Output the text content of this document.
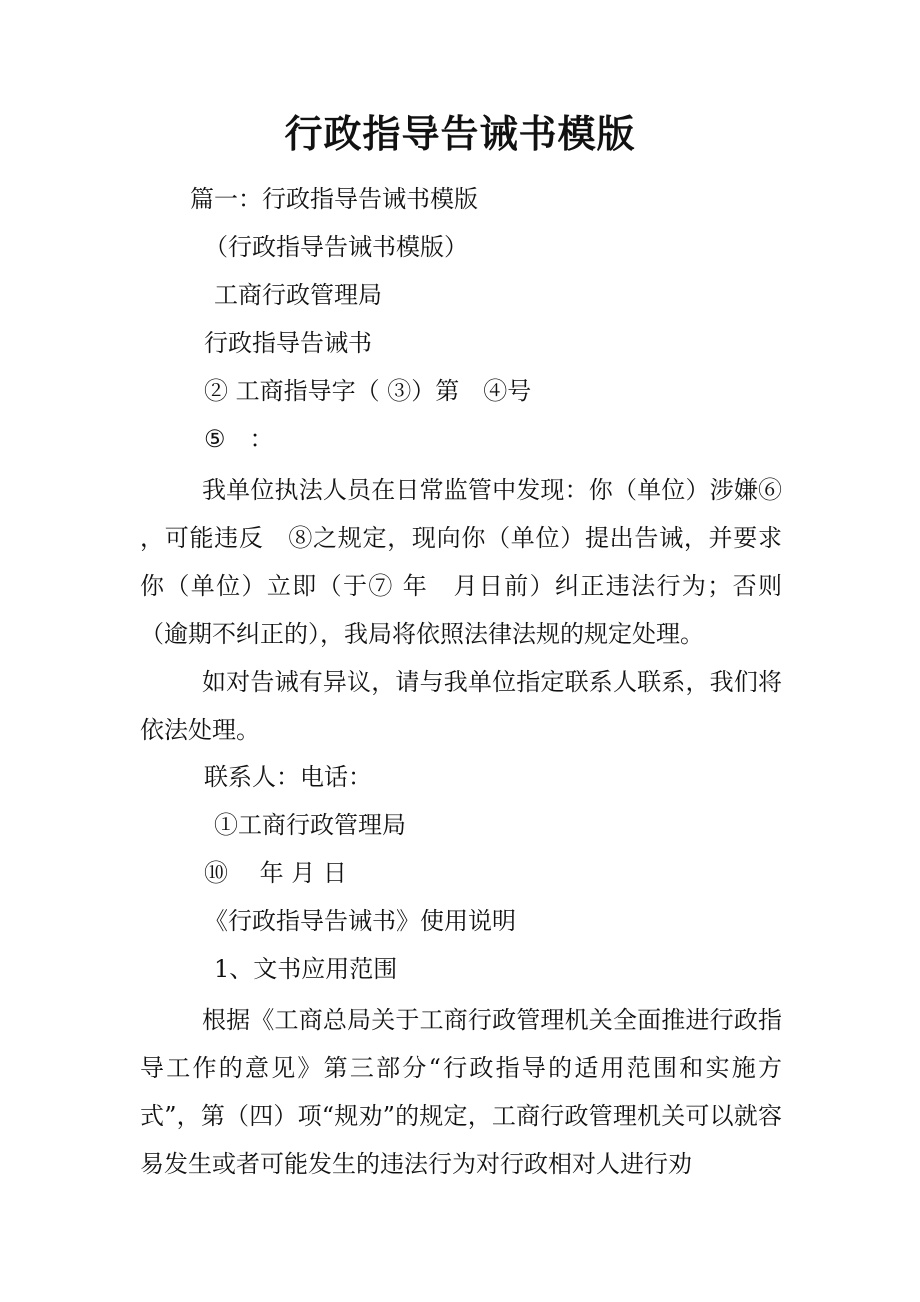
行政指导告诫书模版
篇一：行政指导告诫书模版
（行政指导告诫书模版）
工商行政管理局
行政指导告诫书
② 工商指导字（ ③）第　④号
⑤　：
我单位执法人员在日常监管中发现：你（单位）涉嫌⑥　，可能违反　⑧之规定，现向你（单位）提出告诫，并要求你（单位）立即（于⑦ 年　月日前）纠正违法行为；否则（逾期不纠正的），我局将依照法律法规的规定处理。
如对告诫有异议，请与我单位指定联系人联系，我们将依法处理。
联系人：电话：
①工商行政管理局
⑩　 年 月 日
《行政指导告诫书》使用说明
1、文书应用范围
根据《工商总局关于工商行政管理机关全面推进行政指导工作的意见》第三部分“行政指导的适用范围和实施方式”，第（四）项“规劝”的规定，工商行政管理机关可以就容易发生或者可能发生的违法行为对行政相对人进行劝
